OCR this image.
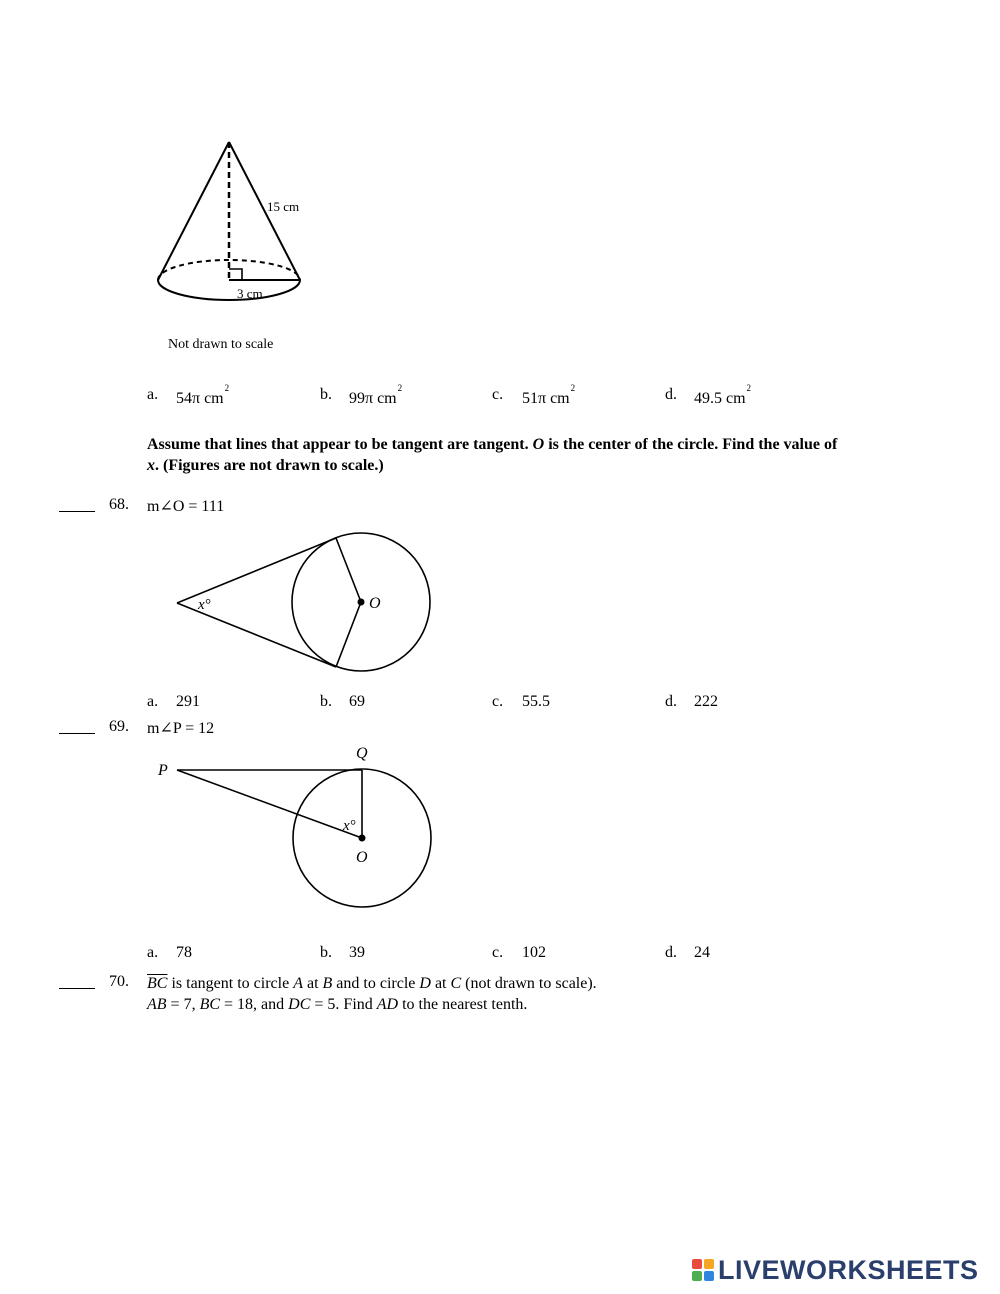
15 cm
3 cm
Not drawn to scale
a. 54π $cm^2$	b. 99π $cm^2$	c. 51π $cm^2$	d. 49.5 $cm^2$
Assume that lines that appear to be tangent are tangent. O is the center of the circle. Find the value of
x. (Figures are not drawn to scale.)
68. m∠O = 111
x°	O
a. 291	b. 69	c. 55.5	d. 222
69. m∠P = 12
P
Q
x°
O
a. 78	b. 39	c. 102	d. 24
70. $\overline{BC}$ is tangent to circle A at B and to circle D at C (not drawn to scale).
AB = 7, BC = 18, and DC = 5. Find AD to the nearest tenth.
LIVEWORKSHEETS
